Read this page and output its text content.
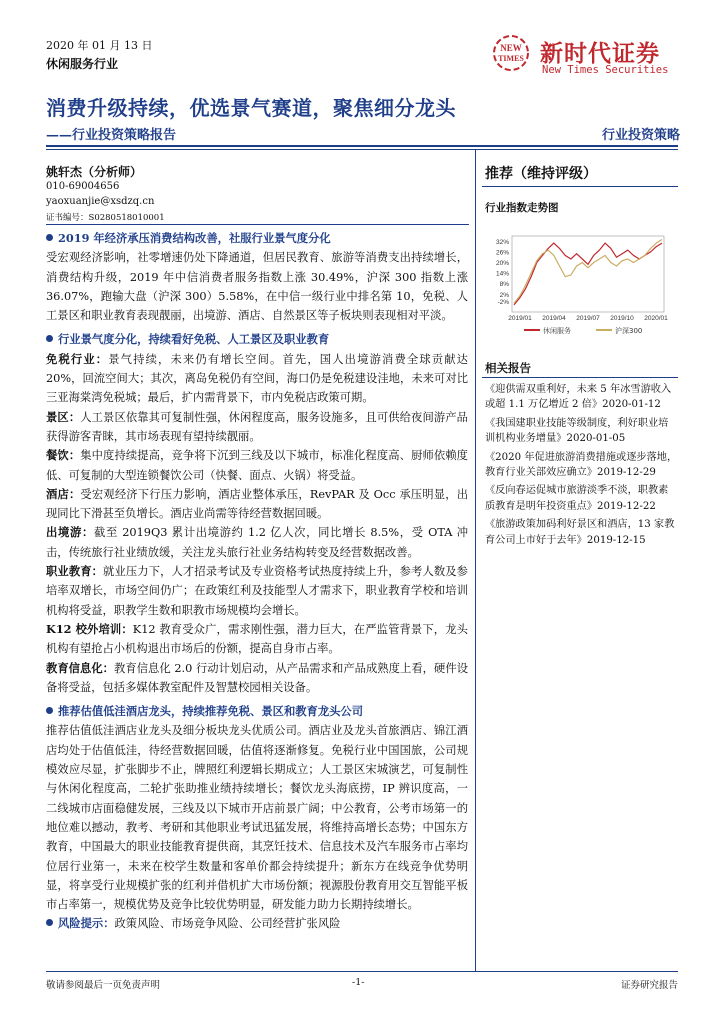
2020 年 01 月 13 日
休闲服务行业
NEW
TIMES 新时代证券
New Times Securities
消费升级持续，优选景气赛道，聚焦细分龙头
——行业投资策略报告	行业投资策略
姚轩杰（分析师）
010-69004656
yaoxuanjie@xsdzq.cn
证书编号：S0280518010001

2019 年经济承压消费结构改善，社服行业景气度分化

受宏观经济影响，社零增速仍处下降通道，但居民教育、旅游等消费支出持续增长，消费结构升级，2019 年中信消费者服务指数上涨 30.49%，沪深 300 指数上涨 36.07%，跑输大盘（沪深 300）5.58%，在中信一级行业中排名第 10，免税、人工景区和职业教育表现靓丽，出境游、酒店、自然景区等子板块则表现相对平淡。

行业景气度分化，持续看好免税、人工景区及职业教育

免税行业：景气持续，未来仍有增长空间。首先，国人出境游消费全球贡献达 20%，回流空间大；其次，离岛免税仍有空间，海口仍是免税建设洼地，未来可对比三亚海棠湾免税城；最后，扩内需背景下，市内免税店政策可期。

景区：人工景区依靠其可复制性强，休闲程度高，服务设施多，且可供给夜间游产品获得游客青睐，其市场表现有望持续靓丽。

餐饮：集中度持续提高，竞争将下沉到三线及以下城市，标准化程度高、厨师依赖度低、可复制的大型连锁餐饮公司（快餐、面点、火锅）将受益。

酒店：受宏观经济下行压力影响，酒店业整体承压，RevPAR 及 Occ 承压明显，出现同比下滑甚至负增长。酒店业尚需等待经营数据回暖。

出境游：截至 2019Q3 累计出境游约 1.2 亿人次，同比增长 8.5%，受 OTA 冲击，传统旅行社业绩放缓，关注龙头旅行社业务结构转变及经营数据改善。

职业教育：就业压力下，人才招录考试及专业资格考试热度持续上升，参考人数及参培率双增长，市场空间仍广；在政策红利及技能型人才需求下，职业教育学校和培训机构将受益，职教学生数和职教市场规模均会增长。

K12 校外培训：K12 教育受众广，需求刚性强，潜力巨大，在严监管背景下，龙头机构有望抢占小机构退出市场后的份额，提高自身市占率。

教育信息化：教育信息化 2.0 行动计划启动，从产品需求和产品成熟度上看，硬件设备将受益，包括多媒体教室配件及智慧校园相关设备。

推荐估值低洼酒店龙头，持续推荐免税、景区和教育龙头公司

推荐估值低洼酒店业龙头及细分板块龙头优质公司。酒店业及龙头首旅酒店、锦江酒店均处于估值低洼，待经营数据回暖，估值将逐渐修复。免税行业中国国旅，公司规模效应尽显，扩张脚步不止，牌照红利逻辑长期成立；人工景区宋城演艺，可复制性与休闲化程度高，二轮扩张助推业绩持续增长；餐饮龙头海底捞，IP 辨识度高，一二线城市店面稳健发展，三线及以下城市开店前景广阔；中公教育，公考市场第一的地位难以撼动，教考、考研和其他职业考试迅猛发展，将维持高增长态势；中国东方教育，中国最大的职业技能教育提供商，其烹饪技术、信息技术及汽车服务市占率均位居行业第一，未来在校学生数量和客单价都会持续提升；新东方在线竞争优势明显，将享受行业规模扩张的红利并借机扩大市场份额；视源股份教育用交互智能平板市占率第一，规模优势及竞争比较优势明显，研发能力助力长期持续增长。

风险提示：政策风险、市场竞争风险、公司经营扩张风险

推荐（维持评级）
行业指数走势图
-2%
2%
8%
14%
20%
26%
32%
2019/01 2019/04 2019/07 2019/10 2020/01
休闲服务	沪深300
相关报告
《迎供需双重利好，未来 5 年冰雪游收入或超 1.1 万亿增近 2 倍》2020-01-12
《我国建职业技能等级制度，利好职业培训机构业务增量》2020-01-05
《2020 年促进旅游消费措施或逐步落地，教育行业关部效应确立》2019-12-29
《反向春运促城市旅游淡季不淡，职教素质教育是明年投资重点》2019-12-22
《旅游政策加码利好景区和酒店，13 家教育公司上市好于去年》2019-12-15
敬请参阅最后一页免责声明	-1-	证券研究报告
